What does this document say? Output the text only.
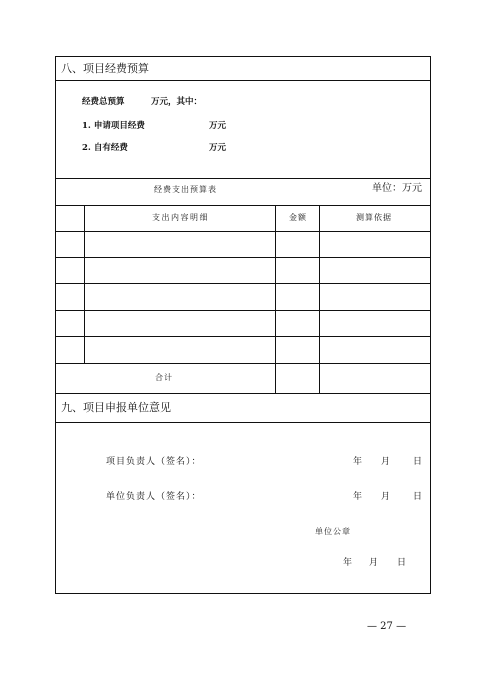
八、项目经费预算
经费总预算	万元，其中：
1. 申请项目经费	万元
2. 自有经费	万元
经费支出预算表	单位：万元
支出内容明细	金额	测算依据
合计
九、项目申报单位意见
项目负责人（签名）：	年 月 日
单位负责人（签名）：	年 月 日
单位公章
年 月 日
— 27 —
